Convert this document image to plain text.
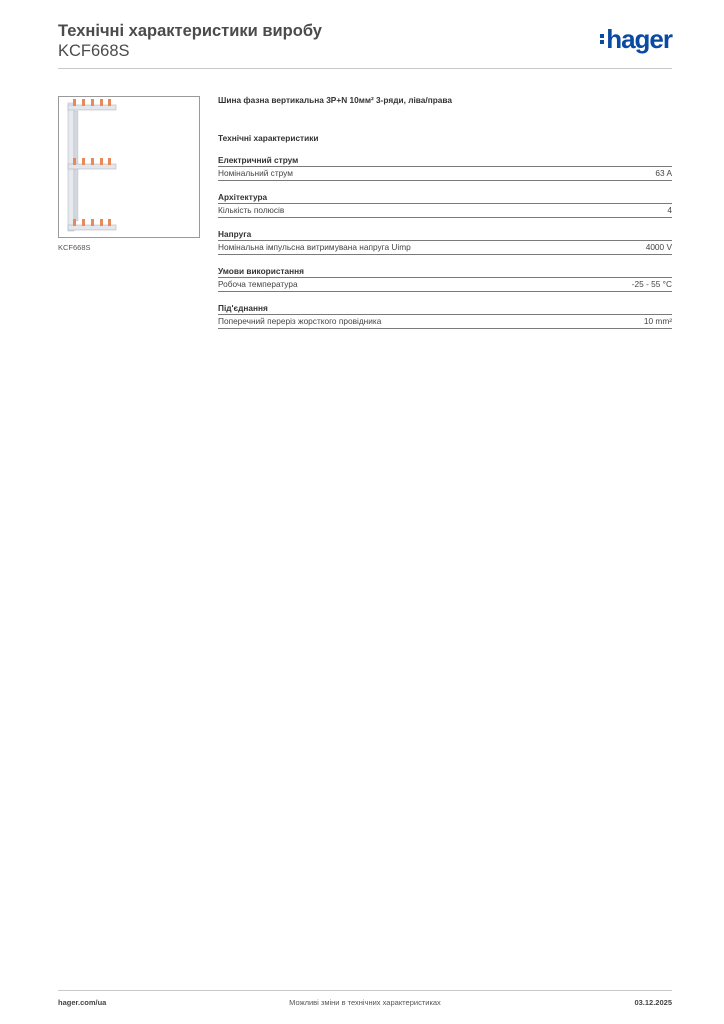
Технічні характеристики виробу
KCF668S	hager
KCF668S
Шина фазна вертикальна 3P+N 10мм² 3-ряди, ліва/права
Технічні характеристики
Електричний струм
Номінальний струм	63 A
Архітектура
Кількість полюсів	4
Напруга
Номінальна імпульсна витримувана напруга Uimp	4000 V
Умови використання
Робоча температура	-25 - 55 °C
Під'єднання
Поперечний переріз жорсткого провідника	10 mm²
hager.com/ua	Можливі зміни в технічних характеристиках	03.12.2025
